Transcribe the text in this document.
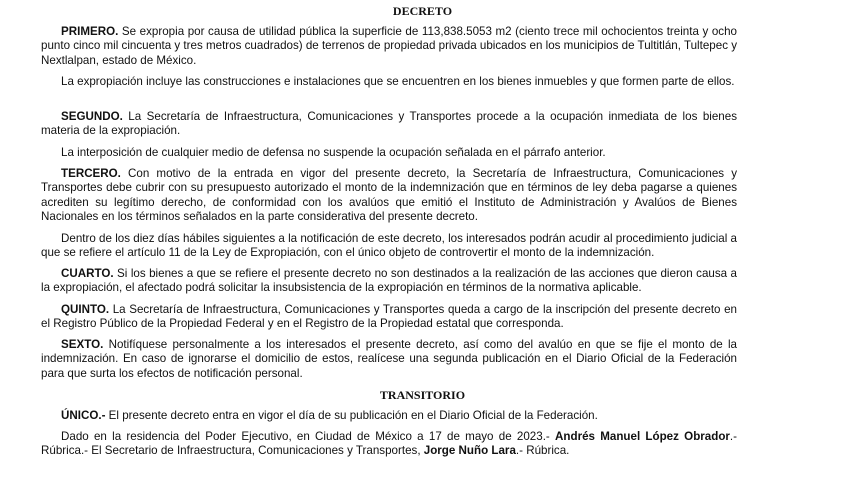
DECRETO

PRIMERO. Se expropia por causa de utilidad pública la superficie de 113,838.5053 m2 (ciento trece mil ochocientos treinta y ocho punto cinco mil cincuenta y tres metros cuadrados) de terrenos de propiedad privada ubicados en los municipios de Tultitlán, Tultepec y Nextlalpan, estado de México.

La expropiación incluye las construcciones e instalaciones que se encuentren en los bienes inmuebles y que formen parte de ellos.

SEGUNDO. La Secretaría de Infraestructura, Comunicaciones y Transportes procede a la ocupación inmediata de los bienes materia de la expropiación.

La interposición de cualquier medio de defensa no suspende la ocupación señalada en el párrafo anterior.

TERCERO. Con motivo de la entrada en vigor del presente decreto, la Secretaría de Infraestructura, Comunicaciones y Transportes debe cubrir con su presupuesto autorizado el monto de la indemnización que en términos de ley deba pagarse a quienes acrediten su legítimo derecho, de conformidad con los avalúos que emitió el Instituto de Administración y Avalúos de Bienes Nacionales en los términos señalados en la parte considerativa del presente decreto.

Dentro de los diez días hábiles siguientes a la notificación de este decreto, los interesados podrán acudir al procedimiento judicial a que se refiere el artículo 11 de la Ley de Expropiación, con el único objeto de controvertir el monto de la indemnización.

CUARTO. Si los bienes a que se refiere el presente decreto no son destinados a la realización de las acciones que dieron causa a la expropiación, el afectado podrá solicitar la insubsistencia de la expropiación en términos de la normativa aplicable.

QUINTO. La Secretaría de Infraestructura, Comunicaciones y Transportes queda a cargo de la inscripción del presente decreto en el Registro Público de la Propiedad Federal y en el Registro de la Propiedad estatal que corresponda.

SEXTO. Notifíquese personalmente a los interesados el presente decreto, así como del avalúo en que se fije el monto de la indemnización. En caso de ignorarse el domicilio de estos, realícese una segunda publicación en el Diario Oficial de la Federación para que surta los efectos de notificación personal.

TRANSITORIO

ÚNICO.- El presente decreto entra en vigor el día de su publicación en el Diario Oficial de la Federación.

Dado en la residencia del Poder Ejecutivo, en Ciudad de México a 17 de mayo de 2023.- Andrés Manuel López Obrador.- Rúbrica.- El Secretario de Infraestructura, Comunicaciones y Transportes, Jorge Nuño Lara.- Rúbrica.
